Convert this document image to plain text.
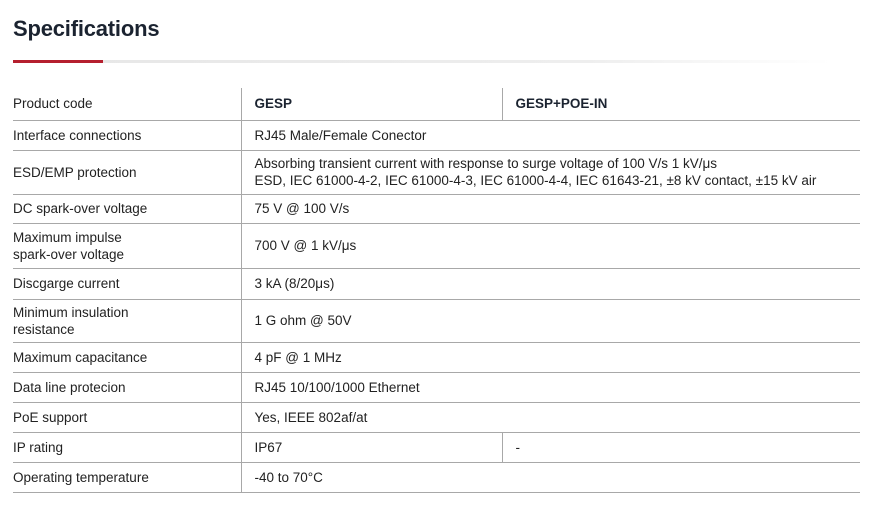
Specifications
Product code	GESP	GESP+POE-IN
Interface connections	RJ45 Male/Female Conector	
ESD/EMP protection	Absorbing transient current with response to surge voltage of 100 V/s 1 kV/μs
ESD, IEC 61000-4-2, IEC 61000-4-3, IEC 61000-4-4, IEC 61643-21, ±8 kV contact, ±15 kV air	

DC spark-over voltage	75 V @ 100 V/s	

Maximum impulse
spark-over voltage	700 V @ 1 kV/μs	
Discgarge current	3 kA (8/20μs)	

Minimum insulation
resistance	1 G ohm @ 50V	
Maximum capacitance	4 pF @ 1 MHz	
Data line protecion	RJ45 10/100/1000 Ethernet	
PoE support	Yes, IEEE 802af/at	
IP rating	IP67	-
Operating temperature	-40 to 70°C	
